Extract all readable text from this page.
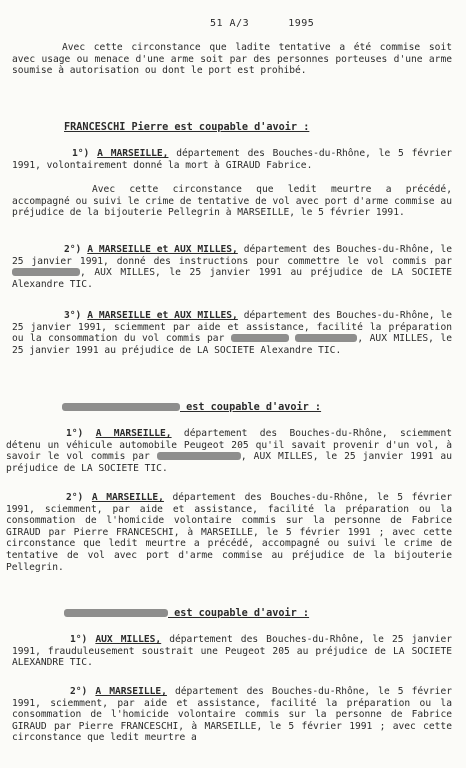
51 A/3	1995

Avec cette circonstance que ladite tentative a été commise soit avec usage ou menace d'une arme soit par des personnes porteuses d'une arme soumise à autorisation ou dont le port est prohibé.

FRANCESCHI Pierre est coupable d'avoir :

1°) A MARSEILLE, département des Bouches-du-Rhône, le 5 février 1991, volontairement donné la mort à GIRAUD Fabrice.

Avec cette circonstance que ledit meurtre a précédé, accompagné ou suivi le crime de tentative de vol avec port d'arme commise au préjudice de la bijouterie Pellegrin à MARSEILLE, le 5 février 1991.

2°) A MARSEILLE et AUX MILLES, département des Bouches-du-Rhône, le 25 janvier 1991, donné des instructions pour commettre le vol commis par , AUX MILLES, le 25 janvier 1991 au préjudice de LA SOCIETE Alexandre TIC.

3°) A MARSEILLE et AUX MILLES, département des Bouches-du-Rhône, le 25 janvier 1991, sciemment par aide et assistance, facilité la préparation ou la consommation du vol commis par	, AUX MILLES, le 25 janvier 1991 au préjudice de LA SOCIETE Alexandre TIC.

est coupable d'avoir :

1°) A MARSEILLE, département des Bouches-du-Rhône, sciemment détenu un véhicule automobile Peugeot 205 qu'il savait provenir d'un vol, à savoir le vol commis par	, AUX MILLES, le 25 janvier 1991 au préjudice de LA SOCIETE TIC.

2°) A MARSEILLE, département des Bouches-du-Rhône, le 5 février 1991, sciemment, par aide et assistance, facilité la préparation ou la consommation de l'homicide volontaire commis sur la personne de Fabrice GIRAUD par Pierre FRANCESCHI, à MARSEILLE, le 5 février 1991 ; avec cette circonstance que ledit meurtre a précédé, accompagné ou suivi le crime de tentative de vol avec port d'arme commise au préjudice de la bijouterie Pellegrin.

est coupable d'avoir :

1°) AUX MILLES, département des Bouches-du-Rhône, le 25 janvier 1991, frauduleusement soustrait une Peugeot 205 au préjudice de LA SOCIETE ALEXANDRE TIC.

2°) A MARSEILLE, département des Bouches-du-Rhône, le 5 février 1991, sciemment, par aide et assistance, facilité la préparation ou la consommation de l'homicide volontaire commis sur la personne de Fabrice GIRAUD par Pierre FRANCESCHI, à MARSEILLE, le 5 février 1991 ; avec cette circonstance que ledit meurtre a
